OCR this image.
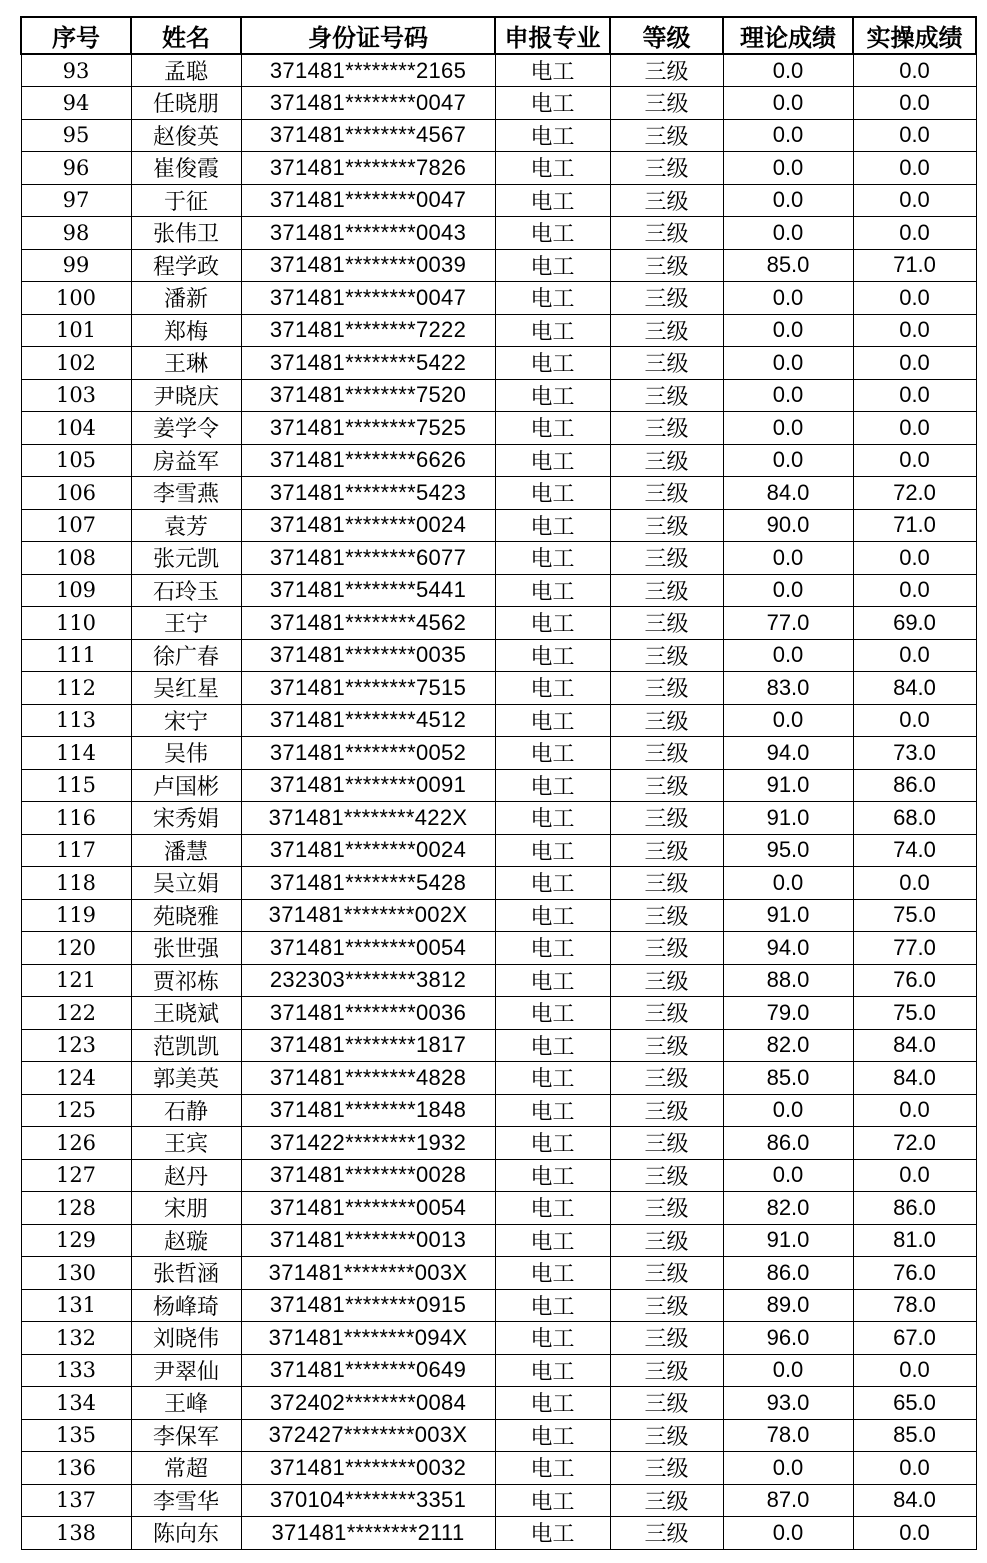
序号	姓名	身份证号码	申报专业	等级	理论成绩	实操成绩
93	孟聪	371481********2165	电工	三级	0.0	0.0
94	任晓朋	371481********0047	电工	三级	0.0	0.0
95	赵俊英	371481********4567	电工	三级	0.0	0.0
96	崔俊霞	371481********7826	电工	三级	0.0	0.0
97	于征	371481********0047	电工	三级	0.0	0.0
98	张伟卫	371481********0043	电工	三级	0.0	0.0
99	程学政	371481********0039	电工	三级	85.0	71.0
100	潘新	371481********0047	电工	三级	0.0	0.0
101	郑梅	371481********7222	电工	三级	0.0	0.0
102	王琳	371481********5422	电工	三级	0.0	0.0
103	尹晓庆	371481********7520	电工	三级	0.0	0.0
104	姜学令	371481********7525	电工	三级	0.0	0.0
105	房益军	371481********6626	电工	三级	0.0	0.0
106	李雪燕	371481********5423	电工	三级	84.0	72.0
107	袁芳	371481********0024	电工	三级	90.0	71.0
108	张元凯	371481********6077	电工	三级	0.0	0.0
109	石玲玉	371481********5441	电工	三级	0.0	0.0
110	王宁	371481********4562	电工	三级	77.0	69.0
111	徐广春	371481********0035	电工	三级	0.0	0.0
112	吴红星	371481********7515	电工	三级	83.0	84.0
113	宋宁	371481********4512	电工	三级	0.0	0.0
114	吴伟	371481********0052	电工	三级	94.0	73.0
115	卢国彬	371481********0091	电工	三级	91.0	86.0
116	宋秀娟	371481********422X	电工	三级	91.0	68.0
117	潘慧	371481********0024	电工	三级	95.0	74.0
118	吴立娟	371481********5428	电工	三级	0.0	0.0
119	苑晓雅	371481********002X	电工	三级	91.0	75.0
120	张世强	371481********0054	电工	三级	94.0	77.0
121	贾祁栋	232303********3812	电工	三级	88.0	76.0
122	王晓斌	371481********0036	电工	三级	79.0	75.0
123	范凯凯	371481********1817	电工	三级	82.0	84.0
124	郭美英	371481********4828	电工	三级	85.0	84.0
125	石静	371481********1848	电工	三级	0.0	0.0
126	王宾	371422********1932	电工	三级	86.0	72.0
127	赵丹	371481********0028	电工	三级	0.0	0.0
128	宋朋	371481********0054	电工	三级	82.0	86.0
129	赵璇	371481********0013	电工	三级	91.0	81.0
130	张哲涵	371481********003X	电工	三级	86.0	76.0
131	杨峰琦	371481********0915	电工	三级	89.0	78.0
132	刘晓伟	371481********094X	电工	三级	96.0	67.0
133	尹翠仙	371481********0649	电工	三级	0.0	0.0
134	王峰	372402********0084	电工	三级	93.0	65.0
135	李保军	372427********003X	电工	三级	78.0	85.0
136	常超	371481********0032	电工	三级	0.0	0.0
137	李雪华	370104********3351	电工	三级	87.0	84.0
138	陈向东	371481********2111	电工	三级	0.0	0.0
